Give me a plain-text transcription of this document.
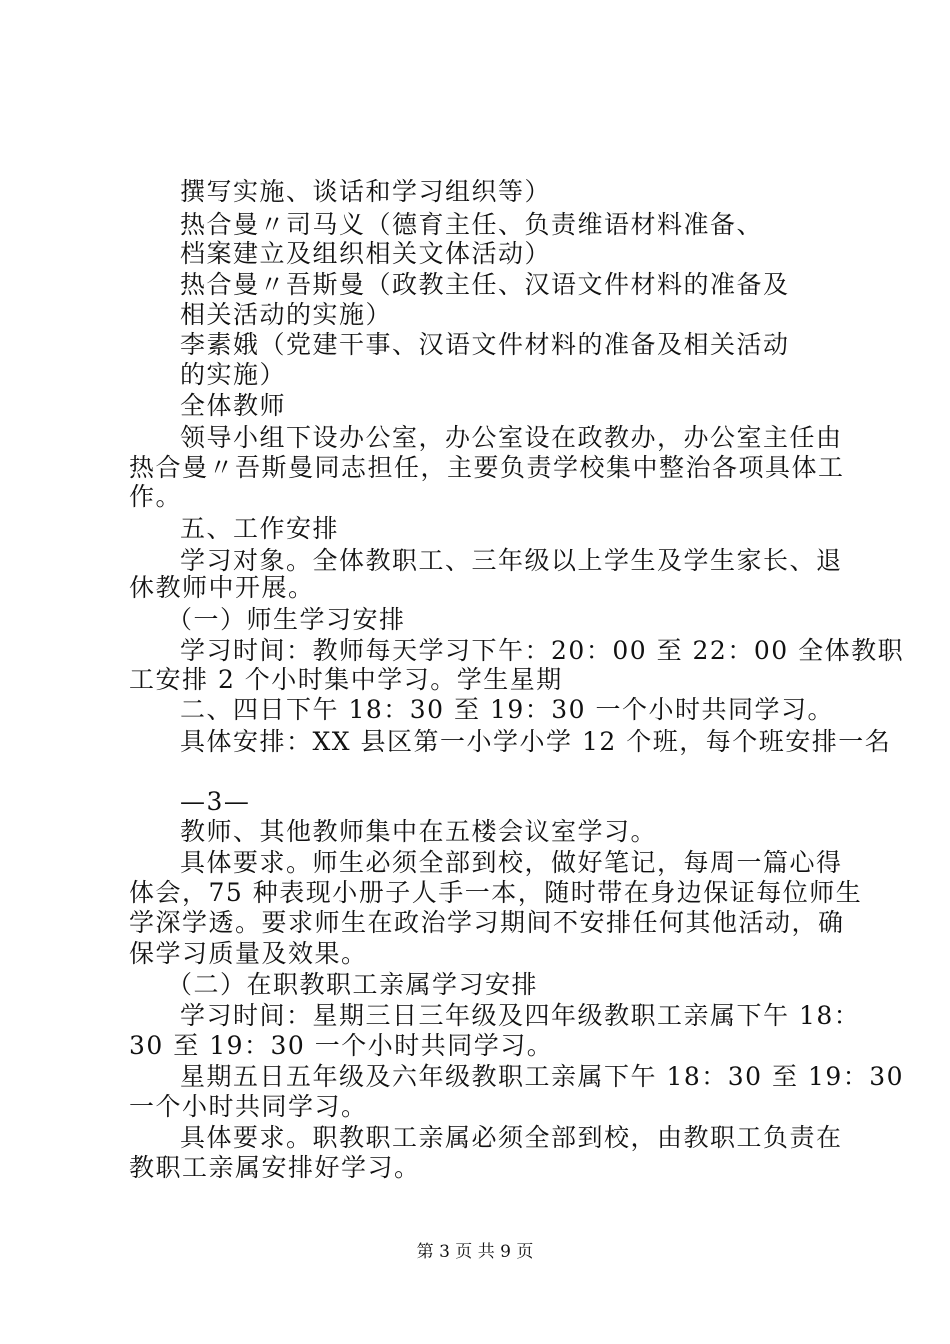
撰写实施、谈话和学习组织等）
热合曼〃司马义（德育主任、负责维语材料准备、
档案建立及组织相关文体活动）
热合曼〃吾斯曼（政教主任、汉语文件材料的准备及
相关活动的实施）
李素娥（党建干事、汉语文件材料的准备及相关活动
的实施）
全体教师
领导小组下设办公室，办公室设在政教办，办公室主任由
热合曼〃吾斯曼同志担任，主要负责学校集中整治各项具体工
作。
五、工作安排
学习对象。全体教职工、三年级以上学生及学生家长、退
休教师中开展。
（一）师生学习安排
学习时间：教师每天学习下午：20：00 至 22：00 全体教职
工安排 2 个小时集中学习。学生星期
二、四日下午 18：30 至 19：30 一个小时共同学习。
具体安排：XX 县区第一小学小学 12 个班，每个班安排一名
—3—
教师、其他教师集中在五楼会议室学习。
具体要求。师生必须全部到校，做好笔记，每周一篇心得
体会，75 种表现小册子人手一本，随时带在身边保证每位师生
学深学透。要求师生在政治学习期间不安排任何其他活动，确
保学习质量及效果。
（二）在职教职工亲属学习安排
学习时间：星期三日三年级及四年级教职工亲属下午 18：
30 至 19：30 一个小时共同学习。
星期五日五年级及六年级教职工亲属下午 18：30 至 19：30
一个小时共同学习。
具体要求。职教职工亲属必须全部到校，由教职工负责在
教职工亲属安排好学习。
第 3 页 共 9 页
